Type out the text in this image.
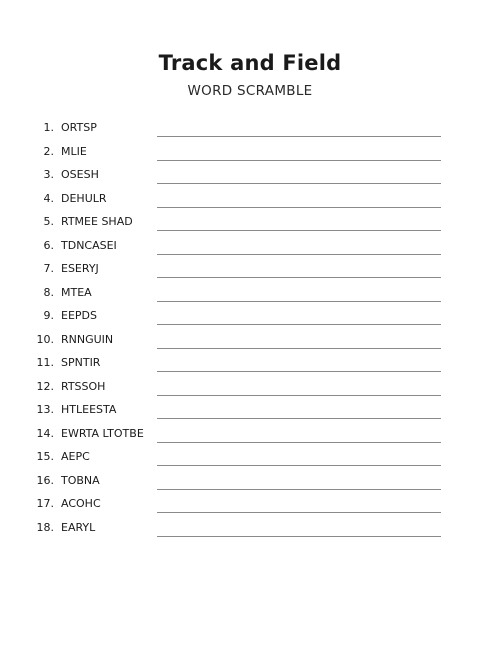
Track and Field
WORD SCRAMBLE
1. ORTSP
2. MLIE
3. OSESH
4. DEHULR
5. RTMEE SHAD
6. TDNCASEI
7. ESERYJ
8. MTEA
9. EEPDS
10. RNNGUIN
11. SPNTIR
12. RTSSOH
13. HTLEESTA
14. EWRTA LTOTBE
15. AEPC
16. TOBNA
17. ACOHC
18. EARYL
